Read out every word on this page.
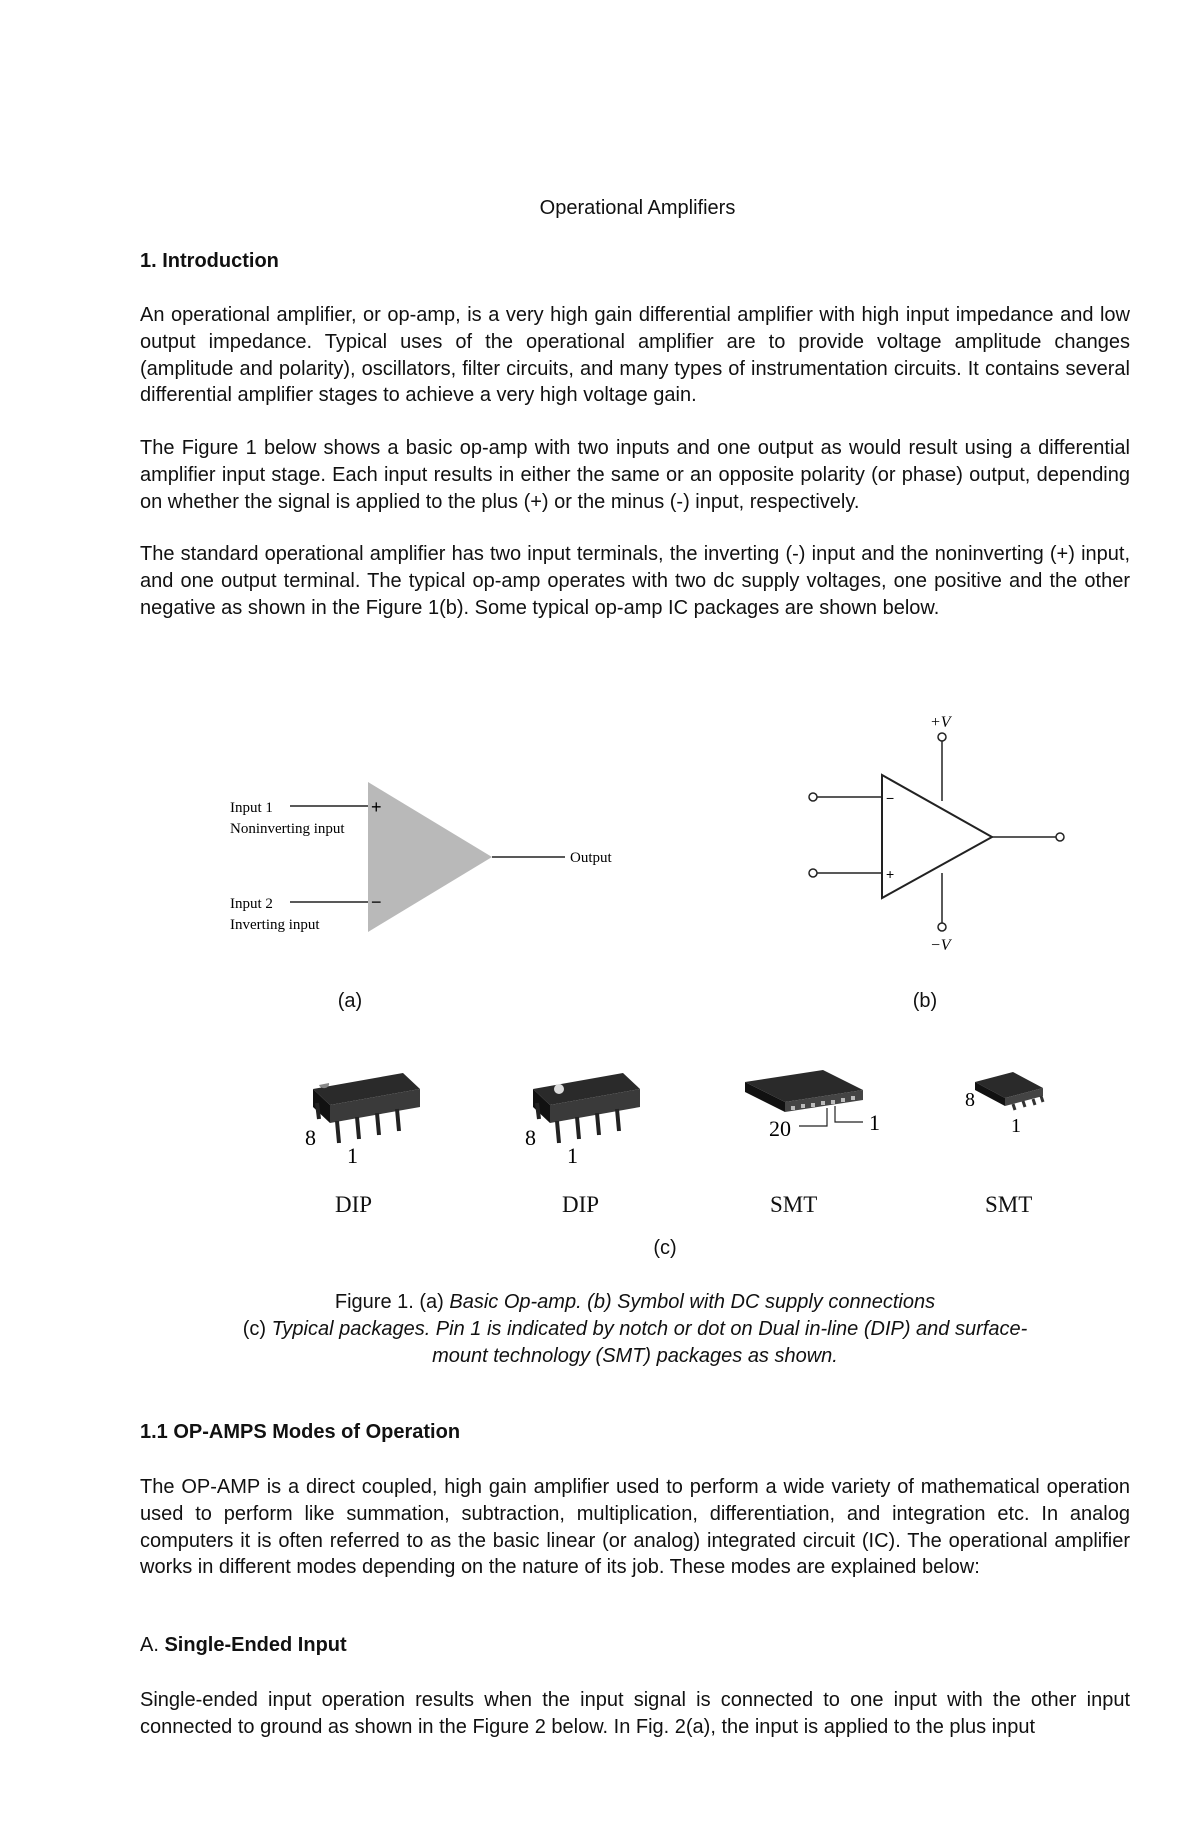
Operational Amplifiers
1. Introduction
An operational amplifier, or op-amp, is a very high gain differential amplifier with high input impedance and low output impedance. Typical uses of the operational amplifier are to provide voltage amplitude changes (amplitude and polarity), oscillators, filter circuits, and many types of instrumentation circuits. It contains several differential amplifier stages to achieve a very high voltage gain.
The Figure 1 below shows a basic op-amp with two inputs and one output as would result using a differential amplifier input stage. Each input results in either the same or an opposite polarity (or phase) output, depending on whether the signal is applied to the plus (+) or the minus (-) input, respectively.
The standard operational amplifier has two input terminals, the inverting (-) input and the noninverting (+) input, and one output terminal. The typical op-amp operates with two dc supply voltages, one positive and the other negative as shown in the Figure 1(b). Some typical op-amp IC packages are shown below.
Input 1
Noninverting input
+
Input 2
Inverting input
−
Output
(a)
+V
−
+
−V
(b)
8
1
DIP
8
1
DIP
20	1
SMT
8
1
SMT
(c)
Figure 1. (a) Basic Op-amp. (b) Symbol with DC supply connections
(c) Typical packages. Pin 1 is indicated by notch or dot on Dual in-line (DIP) and surface-
mount technology (SMT) packages as shown.
1.1 OP-AMPS Modes of Operation
The OP-AMP is a direct coupled, high gain amplifier used to perform a wide variety of mathematical operation used to perform like summation, subtraction, multiplication, differentiation, and integration etc. In analog computers it is often referred to as the basic linear (or analog) integrated circuit (IC). The operational amplifier works in different modes depending on the nature of its job. These modes are explained below:
A. Single-Ended Input
Single-ended input operation results when the input signal is connected to one input with the other input connected to ground as shown in the Figure 2 below. In Fig. 2(a), the input is applied to the plus input
